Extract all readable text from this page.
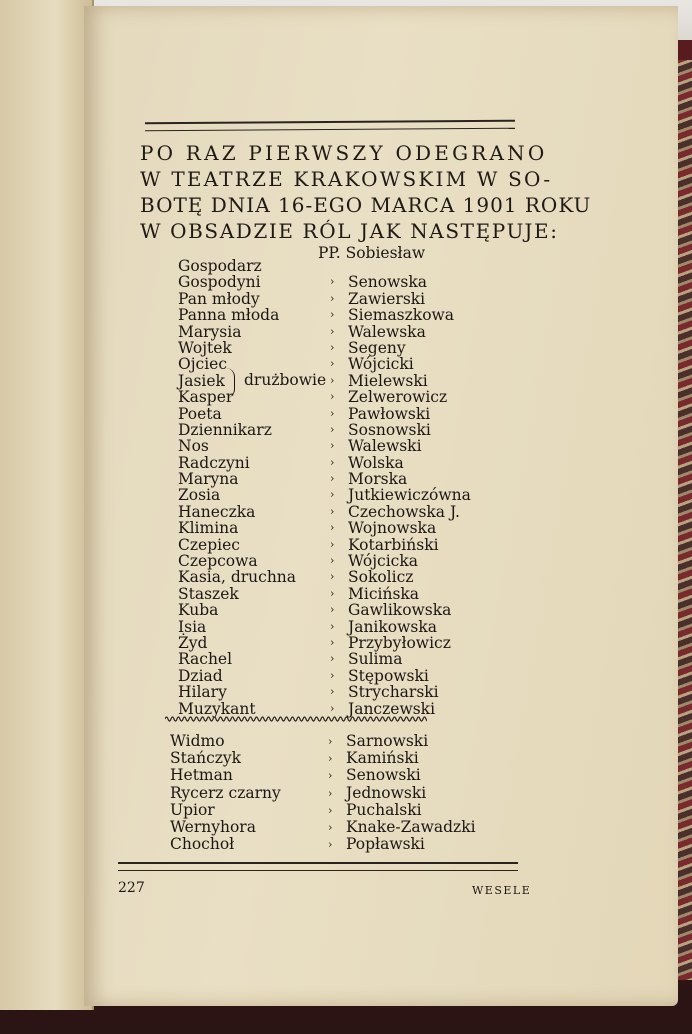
PO RAZ PIERWSZY ODEGRANO
W TEATRZE KRAKOWSKIM W SO-
BOTĘ DNIA 16-EGO MARCA 1901 ROKU
W OBSADZIE RÓL JAK NASTĘPUJE:
PP. Sobiesław
Gospodarz
Gospodyni	› Senowska
Pan młody	› Zawierski
Panna młoda	› Siemaszkowa
Marysia	› Walewska
Wojtek	› Segeny
Ojciec	› Wójcicki
Jasiek	› Mielewski
Kasper	› Zelwerowicz
Poeta	› Pawłowski
Dziennikarz	› Sosnowski
Nos	› Walewski
Radczyni	› Wolska
Maryna	› Morska
Zosia	› Jutkiewiczówna
Haneczka	› Czechowska J.
Klimina	› Wojnowska
Czepiec	› Kotarbiński
Czepcowa	› Wójcicka
Kasia, druchna	› Sokolicz
Staszek	› Micińska
Kuba	› Gawlikowska
Isia	› Janikowska
Żyd	› Przybyłowicz
Rachel	› Sulima
Dziad	› Stępowski
Hilary	› Strycharski
Muzykant	› Janczewski
drużbowie
Widmo	› Sarnowski
Stańczyk	› Kamiński
Hetman	› Senowski
Rycerz czarny	› Jednowski
Upior	› Puchalski
Wernyhora	› Knake-Zawadzki
Chochoł	› Popławski
227	WESELE
